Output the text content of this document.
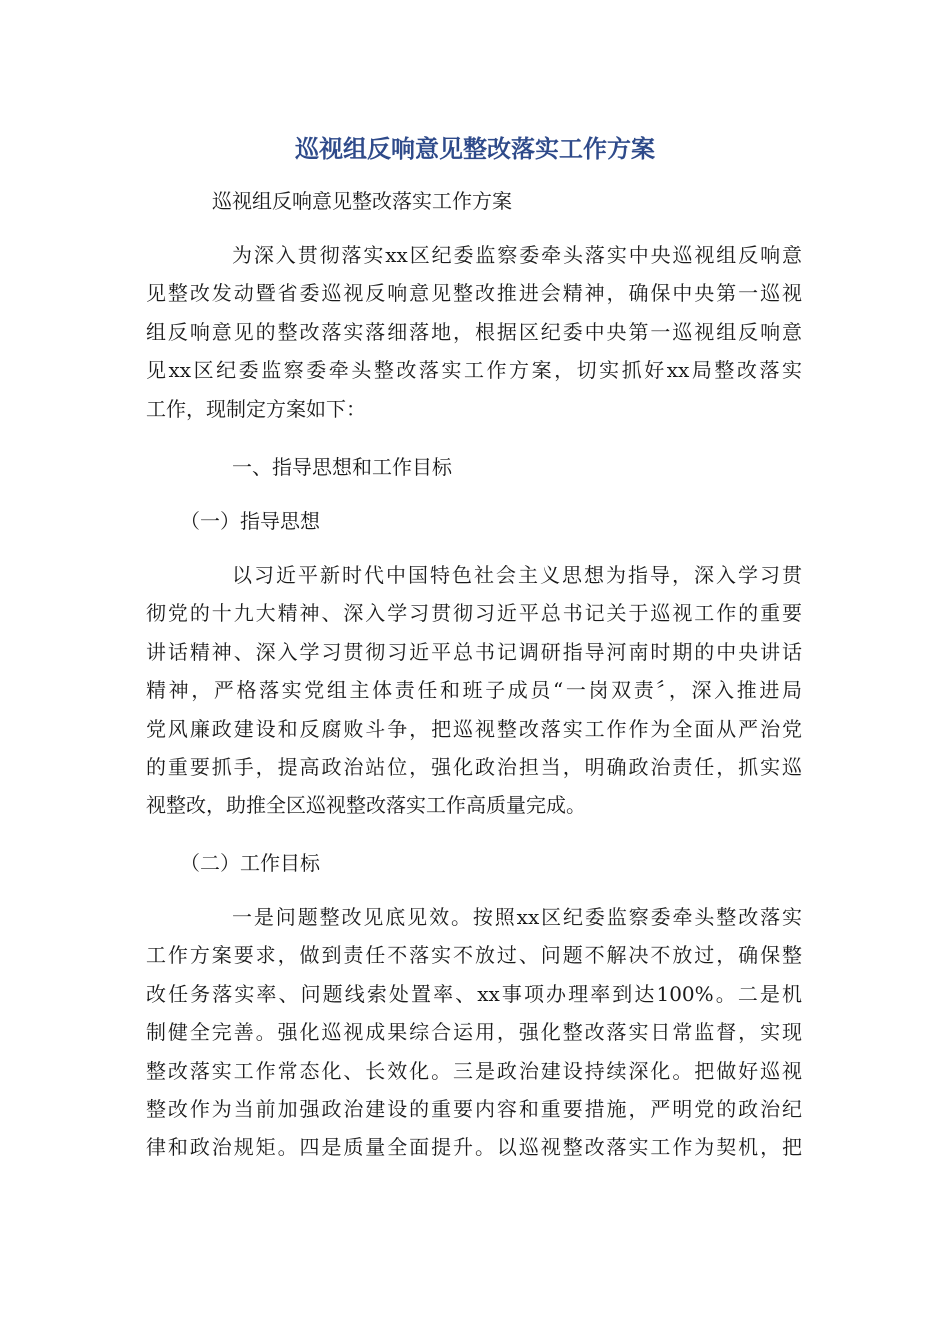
巡视组反响意见整改落实工作方案

巡视组反响意见整改落实工作方案

为深入贯彻落实xx区纪委监察委牵头落实中央巡视组反响意
见整改发动暨省委巡视反响意见整改推进会精神，确保中央第一巡视
组反响意见的整改落实落细落地，根据区纪委中央第一巡视组反响意
见xx区纪委监察委牵头整改落实工作方案，切实抓好xx局整改落实
工作，现制定方案如下：

一、指导思想和工作目标

（一）指导思想

以习近平新时代中国特色社会主义思想为指导，深入学习贯
彻党的十九大精神、深入学习贯彻习近平总书记关于巡视工作的重要
讲话精神、深入学习贯彻习近平总书记调研指导河南时期的中央讲话
精神，严格落实党组主体责任和班子成员“一岗双责〞，深入推进局
党风廉政建设和反腐败斗争，把巡视整改落实工作作为全面从严治党
的重要抓手，提高政治站位，强化政治担当，明确政治责任，抓实巡
视整改，助推全区巡视整改落实工作高质量完成。

（二）工作目标

一是问题整改见底见效。按照xx区纪委监察委牵头整改落实
工作方案要求，做到责任不落实不放过、问题不解决不放过，确保整
改任务落实率、问题线索处置率、xx事项办理率到达100%。二是机
制健全完善。强化巡视成果综合运用，强化整改落实日常监督，实现
整改落实工作常态化、长效化。三是政治建设持续深化。把做好巡视
整改作为当前加强政治建设的重要内容和重要措施，严明党的政治纪
律和政治规矩。四是质量全面提升。以巡视整改落实工作为契机，把
